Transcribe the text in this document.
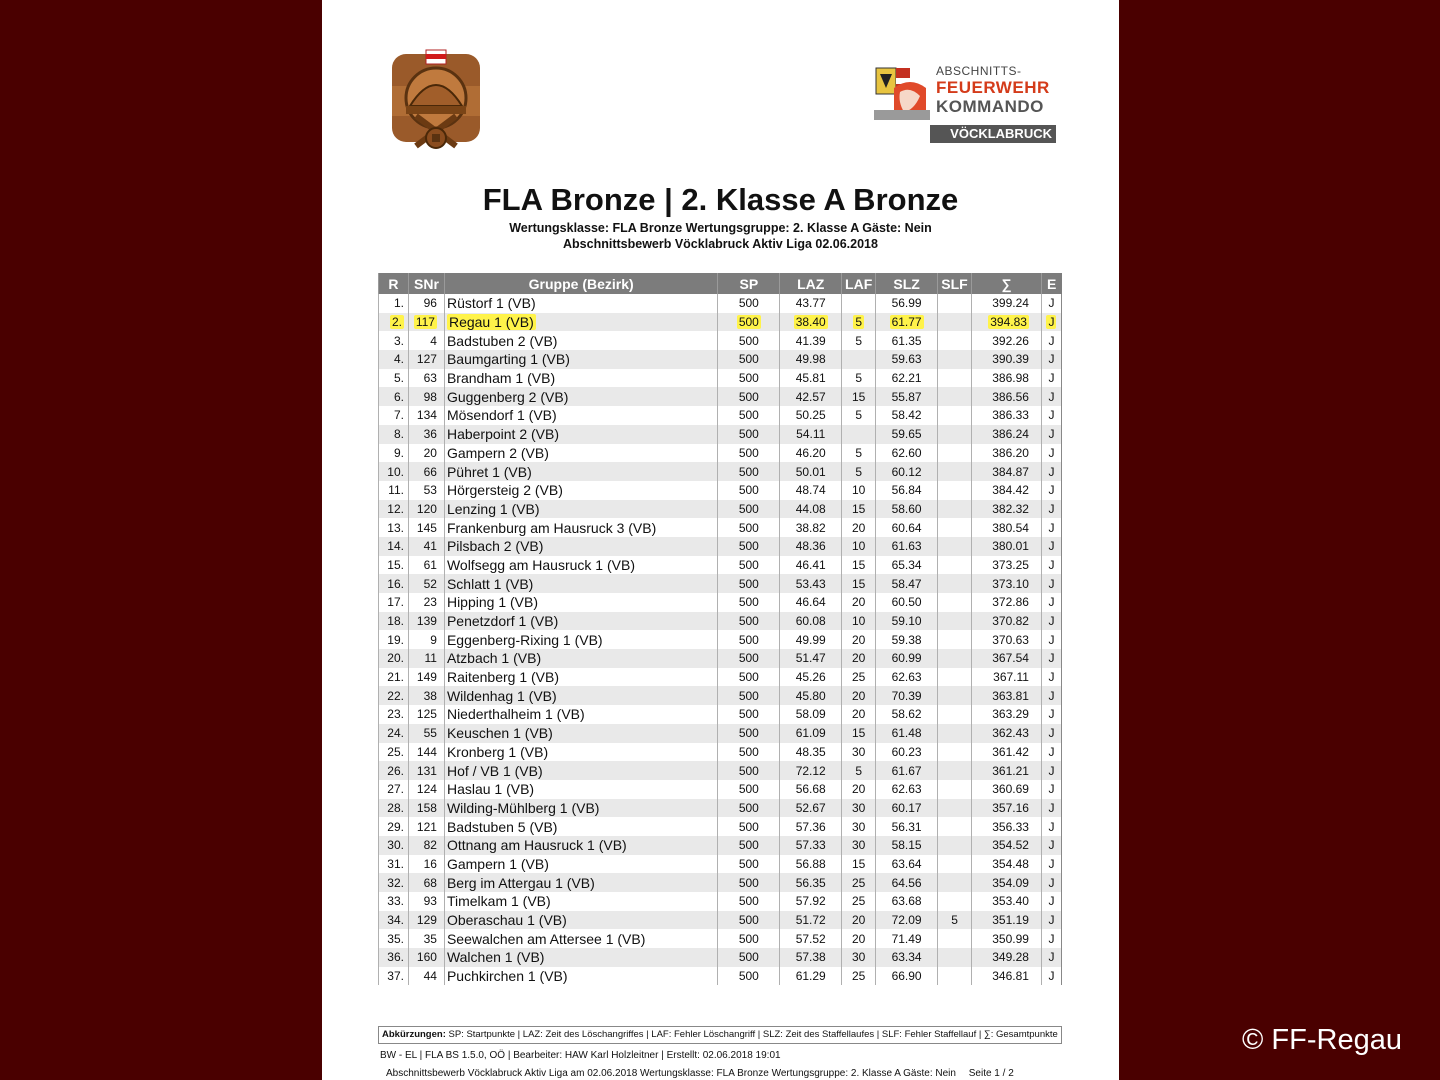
ABSCHNITTS-
FEUERWEHR
KOMMANDO
VÖCKLABRUCK
FLA Bronze | 2. Klasse A Bronze
Wertungsklasse: FLA Bronze Wertungsgruppe: 2. Klasse A Gäste: Nein
Abschnittsbewerb Vöcklabruck Aktiv Liga 02.06.2018
R	SNr	Gruppe (Bezirk)	SP	LAZ	LAF	SLZ	SLF	∑	E
1.	96	Rüstorf 1 (VB)	500	43.77		56.99		399.24	J
2.	117	Regau 1 (VB)	500	38.40	5	61.77		394.83	J
3.	4	Badstuben 2 (VB)	500	41.39	5	61.35		392.26	J
4.	127	Baumgarting 1 (VB)	500	49.98		59.63		390.39	J
5.	63	Brandham 1 (VB)	500	45.81	5	62.21		386.98	J
6.	98	Guggenberg 2 (VB)	500	42.57	15	55.87		386.56	J
7.	134	Mösendorf 1 (VB)	500	50.25	5	58.42		386.33	J
8.	36	Haberpoint 2 (VB)	500	54.11		59.65		386.24	J
9.	20	Gampern 2 (VB)	500	46.20	5	62.60		386.20	J
10.	66	Pühret 1 (VB)	500	50.01	5	60.12		384.87	J
11.	53	Hörgersteig 2 (VB)	500	48.74	10	56.84		384.42	J
12.	120	Lenzing 1 (VB)	500	44.08	15	58.60		382.32	J
13.	145	Frankenburg am Hausruck 3 (VB)	500	38.82	20	60.64		380.54	J
14.	41	Pilsbach 2 (VB)	500	48.36	10	61.63		380.01	J
15.	61	Wolfsegg am Hausruck 1 (VB)	500	46.41	15	65.34		373.25	J
16.	52	Schlatt 1 (VB)	500	53.43	15	58.47		373.10	J
17.	23	Hipping 1 (VB)	500	46.64	20	60.50		372.86	J
18.	139	Penetzdorf 1 (VB)	500	60.08	10	59.10		370.82	J
19.	9	Eggenberg-Rixing 1 (VB)	500	49.99	20	59.38		370.63	J
20.	11	Atzbach 1 (VB)	500	51.47	20	60.99		367.54	J
21.	149	Raitenberg 1 (VB)	500	45.26	25	62.63		367.11	J
22.	38	Wildenhag 1 (VB)	500	45.80	20	70.39		363.81	J
23.	125	Niederthalheim 1 (VB)	500	58.09	20	58.62		363.29	J
24.	55	Keuschen 1 (VB)	500	61.09	15	61.48		362.43	J
25.	144	Kronberg 1 (VB)	500	48.35	30	60.23		361.42	J
26.	131	Hof / VB 1 (VB)	500	72.12	5	61.67		361.21	J
27.	124	Haslau 1 (VB)	500	56.68	20	62.63		360.69	J
28.	158	Wilding-Mühlberg 1 (VB)	500	52.67	30	60.17		357.16	J
29.	121	Badstuben 5 (VB)	500	57.36	30	56.31		356.33	J
30.	82	Ottnang am Hausruck 1 (VB)	500	57.33	30	58.15		354.52	J
31.	16	Gampern 1 (VB)	500	56.88	15	63.64		354.48	J
32.	68	Berg im Attergau 1 (VB)	500	56.35	25	64.56		354.09	J
33.	93	Timelkam 1 (VB)	500	57.92	25	63.68		353.40	J
34.	129	Oberaschau 1 (VB)	500	51.72	20	72.09	5	351.19	J
35.	35	Seewalchen am Attersee 1 (VB)	500	57.52	20	71.49		350.99	J
36.	160	Walchen 1 (VB)	500	57.38	30	63.34		349.28	J
37.	44	Puchkirchen 1 (VB)	500	61.29	25	66.90		346.81	J
Abkürzungen: SP: Startpunkte | LAZ: Zeit des Löschangriffes | LAF: Fehler Löschangriff | SLZ: Zeit des Staffellaufes | SLF: Fehler Staffellauf | ∑: Gesamtpunkte
BW - EL | FLA BS 1.5.0, OÖ | Bearbeiter: HAW Karl Holzleitner | Erstellt: 02.06.2018 19:01
Abschnittsbewerb Vöcklabruck Aktiv Liga am 02.06.2018 Wertungsklasse: FLA Bronze Wertungsgruppe: 2. Klasse A Gäste: Nein Seite 1 / 2
© FF-Regau
